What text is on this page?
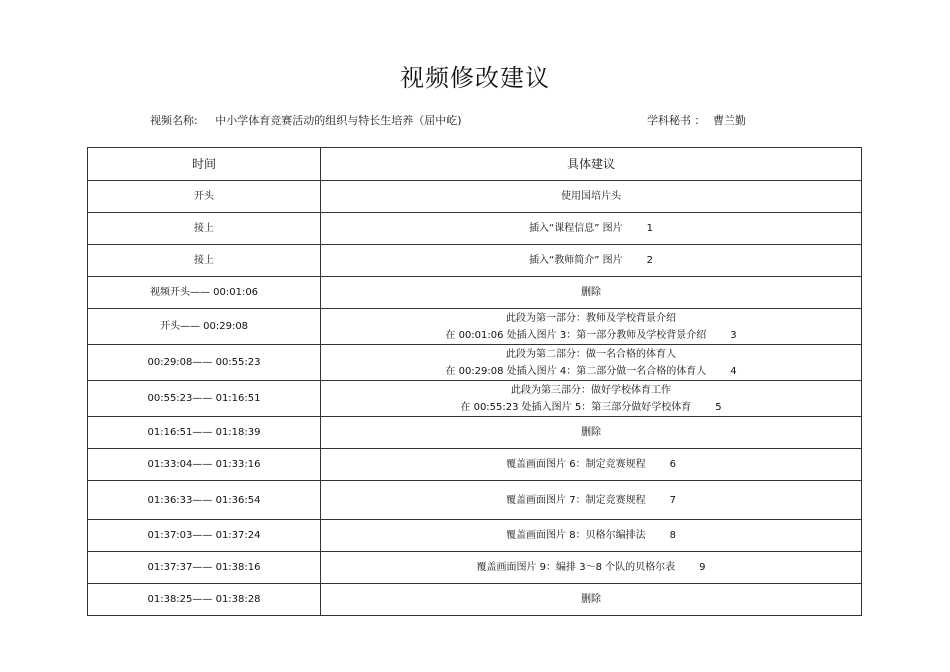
视频修改建议
视频名称: 中小学体育竞赛活动的组织与特长生培养（屈中屹)	学科秘书 ： 曹兰勤
时间	具体建议
开头	使用国培片头
接上	插入“课程信息” 图片 1
接上	插入“教师简介” 图片 2
视频开头—— 00:01:06	删除
开头—— 00:29:08	此段为第一部分：教师及学校背景介绍
在 00:01:06 处插入图片 3：第一部分教师及学校背景介绍 3
00:29:08—— 00:55:23	此段为第二部分：做一名合格的体育人
在 00:29:08 处插入图片 4：第二部分做一名合格的体育人 4
00:55:23—— 01:16:51	此段为第三部分：做好学校体育工作
在 00:55:23 处插入图片 5：第三部分做好学校体育 5
01:16:51—— 01:18:39	删除
01:33:04—— 01:33:16	覆盖画面图片 6：制定竞赛规程 6
01:36:33—— 01:36:54	覆盖画面图片 7：制定竞赛规程 7
01:37:03—— 01:37:24	覆盖画面图片 8：贝格尔编排法 8
01:37:37—— 01:38:16	覆盖画面图片 9：编排 3～8 个队的贝格尔表 9
01:38:25—— 01:38:28	删除
